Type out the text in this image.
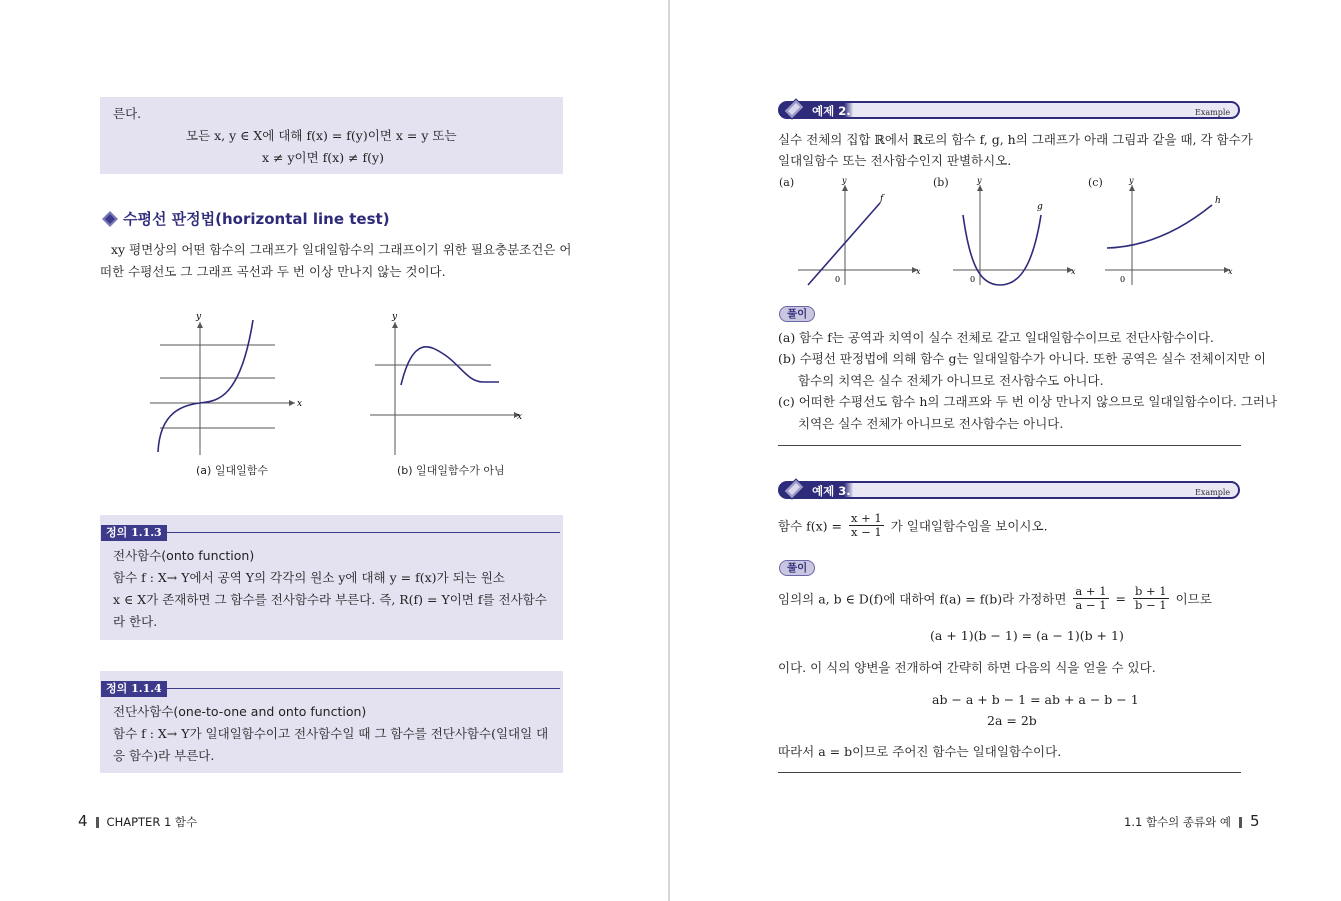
른다.
모든 x, y ∈ X에 대해 f(x) = f(y)이면 x = y 또는
x ≠ y이면 f(x) ≠ f(y)
수평선 판정법(horizontal line test)
xy 평면상의 어떤 함수의 그래프가 일대일함수의 그래프이기 위한 필요충분조건은 어
떠한 수평선도 그 그래프 곡선과 두 번 이상 만나지 않는 것이다.
x
y
(a) 일대일함수
x
y
(b) 일대일함수가 아님
정의 1.1.3
전사함수(onto function)
함수 f : X→ Y에서 공역 Y의 각각의 원소 y에 대해 y = f(x)가 되는 원소
x ∈ X가 존재하면 그 함수를 전사함수라 부른다. 즉, R(f) = Y이면 f를 전사함수
라 한다.
정의 1.1.4
전단사함수(one-to-one and onto function)
함수 f : X→ Y가 일대일함수이고 전사함수일 때 그 함수를 전단사함수(일대일 대
응 함수)라 부른다.
4 CHAPTER 1 함수
예제 2.	Example
실수 전체의 집합 ℝ에서 ℝ로의 함수 f, g, h의 그래프가 아래 그림과 같을 때, 각 함수가
일대일함수 또는 전사함수인지 판별하시오.
(a)	(b)	(c)
f
0
x
y
g
0
x
y
h
0
x
y
풀이
(a) 함수 f는 공역과 치역이 실수 전체로 같고 일대일함수이므로 전단사함수이다.
(b) 수평선 판정법에 의해 함수 g는 일대일함수가 아니다. 또한 공역은 실수 전체이지만 이
함수의 치역은 실수 전체가 아니므로 전사함수도 아니다.
(c) 어떠한 수평선도 함수 h의 그래프와 두 번 이상 만나지 않으므로 일대일함수이다. 그러나
치역은 실수 전체가 아니므로 전사함수는 아니다.
예제 3.	Example
함수 $f(x) = \frac{x + 1}{x - 1}$ 가 일대일함수임을 보이시오.
풀이
임의의 a, b ∈ D(f)에 대하여 f(a) = f(b)라 가정하면 $\frac{a + 1}{a - 1} = \frac{b + 1}{b - 1}$ 이므로
(a + 1)(b − 1) = (a − 1)(b + 1)
이다. 이 식의 양변을 전개하여 간략히 하면 다음의 식을 얻을 수 있다.
ab − a + b − 1 = ab + a − b − 1
2a = 2b
따라서 a = b이므로 주어진 함수는 일대일함수이다.
1.1 함수의 종류와 예 5
